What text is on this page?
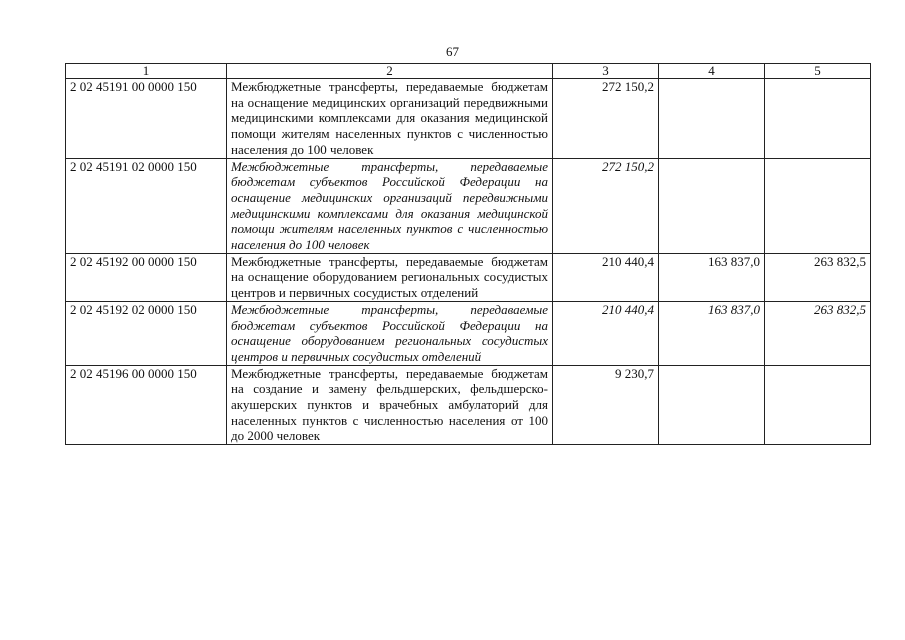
67
1	2	3	4	5
2 02 45191 00 0000 150	Межбюджетные трансферты, передаваемые бюджетам на оснащение медицинских организаций передвижными медицинскими комплексами для оказания медицинской помощи жителям населенных пунктов с численностью населения до 100 человек	272 150,2		
2 02 45191 02 0000 150	Межбюджетные трансферты, передаваемые бюджетам субъектов Российской Федерации на оснащение медицинских организаций передвижными медицинскими комплексами для оказания медицинской помощи жителям населенных пунктов с численностью населения до 100 человек	272 150,2		
2 02 45192 00 0000 150	Межбюджетные трансферты, передаваемые бюджетам на оснащение оборудованием региональных сосудистых центров и первичных сосудистых отделений	210 440,4	163 837,0	263 832,5
2 02 45192 02 0000 150	Межбюджетные трансферты, передаваемые бюджетам субъектов Российской Федерации на оснащение оборудованием региональных сосудистых центров и первичных сосудистых отделений	210 440,4	163 837,0	263 832,5
2 02 45196 00 0000 150	Межбюджетные трансферты, передаваемые бюджетам на создание и замену фельдшерских, фельдшерско-акушерских пунктов и врачебных амбулаторий для населенных пунктов с численностью населения от 100 до 2000 человек	9 230,7		
